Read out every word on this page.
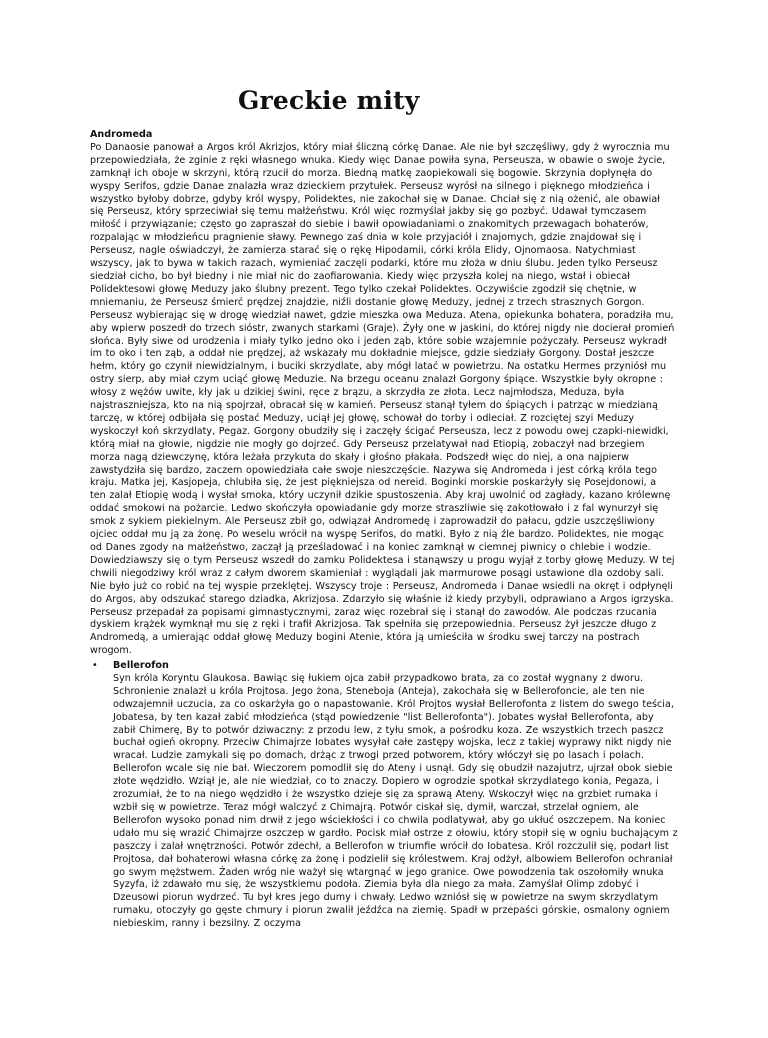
Greckie mity
Andromeda

Po Danaosie panował a Argos król Akrizjos, który miał śliczną córkę Danae. Ale nie był szczęśliwy, gdy ż wyrocznia mu przepowiedziała, że zginie z ręki własnego wnuka. Kiedy więc Danae powiła syna, Perseusza, w obawie o swoje życie, zamknął ich oboje w skrzyni, którą rzucił do morza. Biedną matkę zaopiekowali się bogowie. Skrzynia dopłynęła do wyspy Serifos, gdzie Danae znalazła wraz dzieckiem przytułek. Perseusz wyrósł na silnego i pięknego młodzieńca i wszystko byłoby dobrze, gdyby król wyspy, Polidektes, nie zakochał się w Danae. Chciał się z nią ożenić, ale obawiał się Perseusz, który sprzeciwiał się temu małżeństwu. Król więc rozmyślał jakby się go pozbyć. Udawał tymczasem miłość i przywiązanie; często go zapraszał do siebie i bawił opowiadaniami o znakomitych przewagach bohaterów, rozpalając w młodzieńcu pragnienie sławy. Pewnego zaś dnia w kole przyjaciół i znajomych, gdzie znajdował się i Perseusz, nagle oświadczył, że zamierza starać się o rękę Hipodamii, córki króla Elidy, Ojnomaosa. Natychmiast wszyscy, jak to bywa w takich razach, wymieniać zaczęli podarki, które mu złoża w dniu ślubu. Jeden tylko Perseusz siedział cicho, bo był biedny i nie miał nic do zaofiarowania. Kiedy więc przyszła kolej na niego, wstał i obiecał Polidektesowi głowę Meduzy jako ślubny prezent. Tego tylko czekał Polidektes. Oczywiście zgodził się chętnie, w mniemaniu, że Perseusz śmierć prędzej znajdzie, niźli dostanie głowę Meduzy, jednej z trzech strasznych Gorgon. Perseusz wybierając się w drogę wiedział nawet, gdzie mieszka owa Meduza. Atena, opiekunka bohatera, poradziła mu, aby wpierw poszedł do trzech sióstr, zwanych starkami (Graje). Żyły one w jaskini, do której nigdy nie docierał promień słońca. Były siwe od urodzenia i miały tylko jedno oko i jeden ząb, które sobie wzajemnie pożyczały. Perseusz wykradł im to oko i ten ząb, a oddał nie prędzej, aż wskazały mu dokładnie miejsce, gdzie siedziały Gorgony. Dostał jeszcze hełm, który go czynił niewidzialnym, i buciki skrzydlate, aby mógł latać w powietrzu. Na ostatku Hermes przyniósł mu ostry sierp, aby miał czym uciąć głowę Meduzie. Na brzegu oceanu znalazł Gorgony śpiące. Wszystkie były okropne : włosy z wężów uwite, kły jak u dzikiej świni, ręce z brązu, a skrzydła ze złota. Lecz najmłodsza, Meduza, była najstraszniejsza, kto na nią spojrzał, obracał się w kamień. Perseusz stanął tyłem do śpiących i patrząc w miedzianą tarczę, w której odbijała się postać Meduzy, uciął jej głowę, schował do torby i odleciał. Z rozciętej szyi Meduzy wyskoczył koń skrzydlaty, Pegaz. Gorgony obudziły się i zaczęły ścigać Perseusza, lecz z powodu owej czapki-niewidki, którą miał na głowie, nigdzie nie mogły go dojrzeć. Gdy Perseusz przelatywał nad Etiopią, zobaczył nad brzegiem morza nagą dziewczynę, która leżała przykuta do skały i głośno płakała. Podszedł więc do niej, a ona najpierw zawstydziła się bardzo, zaczem opowiedziała całe swoje nieszczęście. Nazywa się Andromeda i jest córką króla tego kraju. Matka jej, Kasjopeja, chlubiła się, że jest piękniejsza od nereid. Boginki morskie poskarżyły się Posejdonowi, a ten zalał Etiopię wodą i wysłał smoka, który uczynił dzikie spustoszenia. Aby kraj uwolnić od zagłady, kazano królewnę oddać smokowi na pożarcie. Ledwo skończyła opowiadanie gdy morze straszliwie się zakotłowało i z fal wynurzył się smok z sykiem piekielnym. Ale Perseusz zbił go, odwiązał Andromedę i zaprowadził do pałacu, gdzie uszczęśliwiony ojciec oddał mu ją za żonę. Po weselu wrócił na wyspę Serifos, do matki. Było z nią źle bardzo. Polidektes, nie mogąc od Danes zgody na małżeństwo, zaczął ją prześladować i na koniec zamknął w ciemnej piwnicy o chlebie i wodzie. Dowiedziawszy się o tym Perseusz wszedł do zamku Polidektesa i stanąwszy u progu wyjął z torby głowę Meduzy. W tej chwili niegodziwy król wraz z całym dworem skamieniał : wyglądali jak marmurowe posągi ustawione dla ozdoby sali. Nie było już co robić na tej wyspie przeklętej. Wszyscy troje : Perseusz, Andromeda i Danae wsiedli na okręt i odpłynęli do Argos, aby odszukać starego dziadka, Akrizjosa. Zdarzyło się właśnie iż kiedy przybyli, odprawiano a Argos igrzyska. Perseusz przepadał za popisami gimnastycznymi, zaraz więc rozebrał się i stanął do zawodów. Ale podczas rzucania dyskiem krążek wymknął mu się z ręki i trafił Akrizjosa. Tak spełniła się przepowiednia. Perseusz żył jeszcze długo z Andromedą, a umierając oddał głowę Meduzy bogini Atenie, która ją umieściła w środku swej tarczy na postrach wrogom.

• Bellerofon

Syn króla Koryntu Glaukosa. Bawiąc się łukiem ojca zabił przypadkowo brata, za co został wygnany z dworu. Schronienie znalazł u króla Projtosa. Jego żona, Steneboja (Anteja), zakochała się w Bellerofoncie, ale ten nie odwzajemnił uczucia, za co oskarżyła go o napastowanie. Król Projtos wysłał Bellerofonta z listem do swego teścia, Jobatesa, by ten kazał zabić młodzieńca (stąd powiedzenie "list Bellerofonta"). Jobates wysłał Bellerofonta, aby zabił Chimerę, By to potwór dziwaczny: z przodu lew, z tyłu smok, a pośrodku koza. Ze wszystkich trzech paszcz buchał ogień okropny. Przeciw Chimajrze Iobates wysyłał całe zastępy wojska, lecz z takiej wyprawy nikt nigdy nie wracał. Ludzie zamykali się po domach, drżąc z trwogi przed potworem, który włóczył się po lasach i polach. Bellerofon wcale się nie bał. Wieczorem pomodlił się do Ateny i usnął. Gdy się obudził nazajutrz, ujrzał obok siebie złote wędzidło. Wziął je, ale nie wiedział, co to znaczy. Dopiero w ogrodzie spotkał skrzydlatego konia, Pegaza, i zrozumiał, że to na niego wędzidło i że wszystko dzieje się za sprawą Ateny. Wskoczył więc na grzbiet rumaka i wzbił się w powietrze. Teraz mógł walczyć z Chimajrą. Potwór ciskał się, dymił, warczał, strzelał ogniem, ale Bellerofon wysoko ponad nim drwił z jego wściekłości i co chwila podlatywał, aby go ukłuć oszczepem. Na koniec udało mu się wrazić Chimajrze oszczep w gardło. Pocisk miał ostrze z ołowiu, który stopił się w ogniu buchającym z paszczy i zalał wnętrzności. Potwór zdechł, a Bellerofon w triumfie wrócił do Iobatesa. Król rozczulił się, podarł list Projtosa, dał bohaterowi własna córkę za żonę i podzielił się królestwem. Kraj odżył, albowiem Bellerofon ochraniał go swym mężstwem. Żaden wróg nie ważył się wtargnąć w jego granice. Owe powodzenia tak oszołomiły wnuka Syzyfa, iż zdawało mu się, że wszystkiemu podoła. Ziemia była dla niego za mała. Zamyślał Olimp zdobyć i Dzeusowi piorun wydrzeć. Tu był kres jego dumy i chwały. Ledwo wzniósł się w powietrze na swym skrzydlatym rumaku, otoczyły go gęste chmury i piorun zwalił jeźdźca na ziemię. Spadł w przepaści górskie, osmalony ogniem niebieskim, ranny i bezsilny. Z oczyma
